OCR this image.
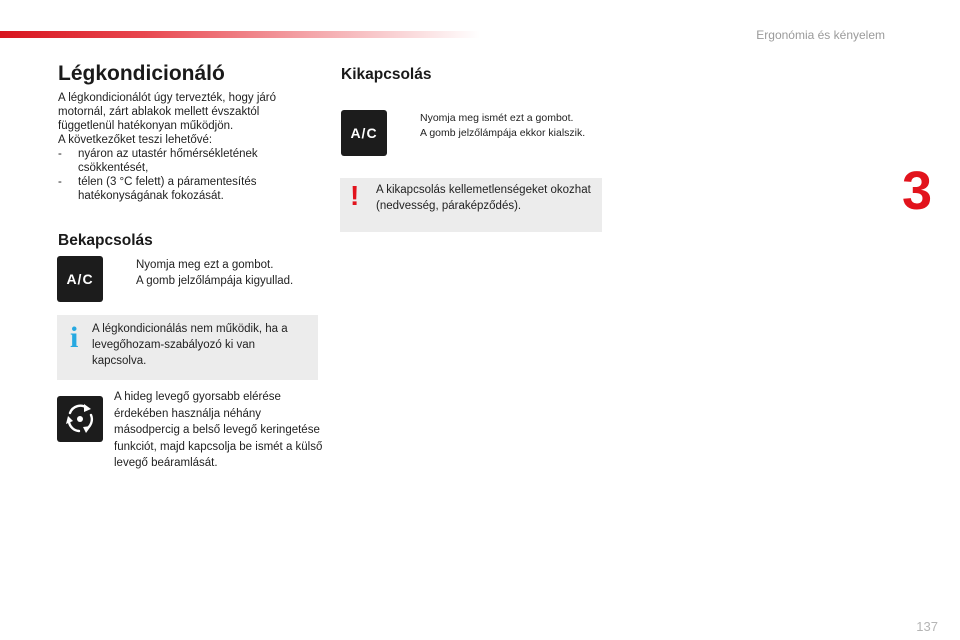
Ergonómia és kényelem
3
Légkondicionáló
A légkondicionálót úgy tervezték, hogy járó
motornál, zárt ablakok mellett évszaktól
függetlenül hatékonyan működjön.
A következőket teszi lehetővé:
- nyáron az utastér hőmérsékletének csökkentését,
- télen (3 °C felett) a páramentesítés hatékonyságának fokozását.
Bekapcsolás
A/C
Nyomja meg ezt a gombot.
A gomb jelzőlámpája kigyullad.
i A légkondicionálás nem működik, ha a levegőhozam-szabályozó ki van kapcsolva.
A hideg levegő gyorsabb elérése érdekében használja néhány másodpercig a belső levegő keringetése funkciót, majd kapcsolja be ismét a külső levegő beáramlását.
Kikapcsolás
A/C
Nyomja meg ismét ezt a gombot.
A gomb jelzőlámpája ekkor kialszik.
! A kikapcsolás kellemetlenségeket okozhat (nedvesség, páraképződés).
137
